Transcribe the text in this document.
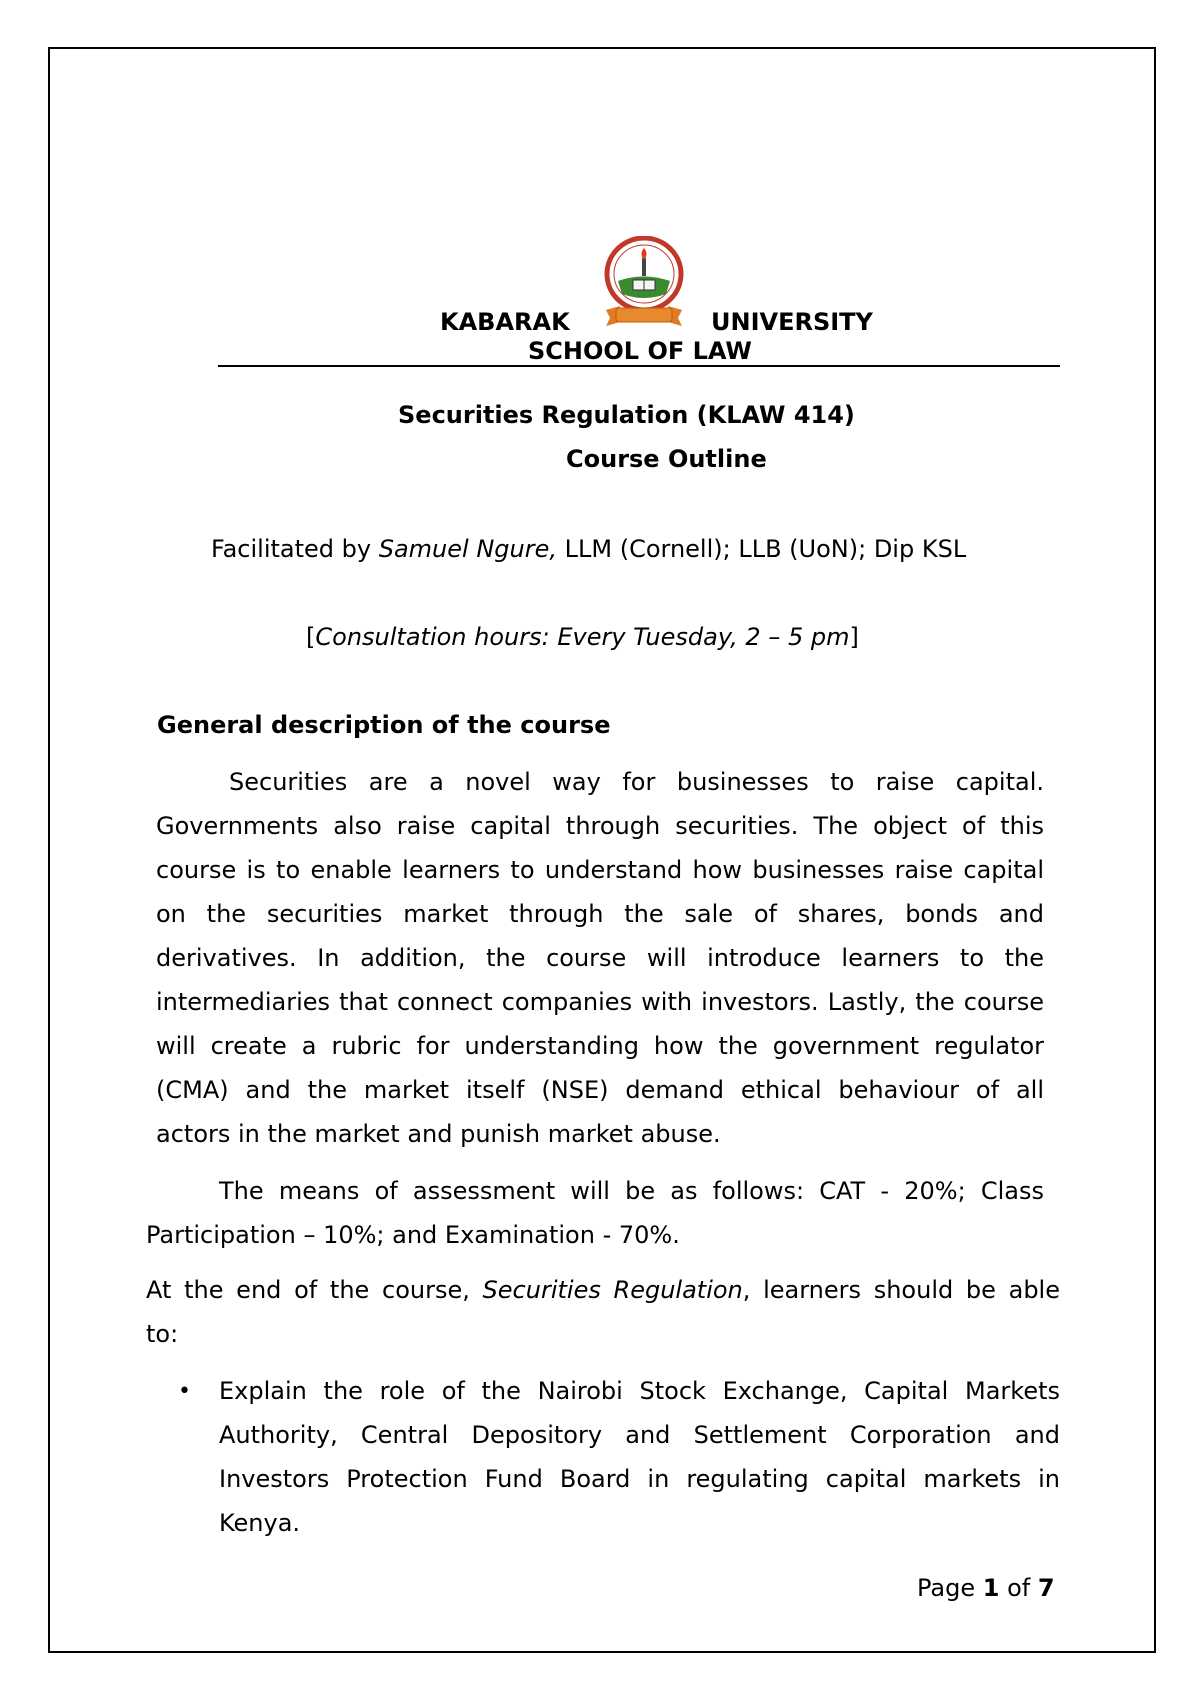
KABARAK	UNIVERSITY
SCHOOL OF LAW
Securities Regulation (KLAW 414)
Course Outline
Facilitated by Samuel Ngure, LLM (Cornell); LLB (UoN); Dip KSL
[Consultation hours: Every Tuesday, 2 – 5 pm]
General description of the course
Securities are a novel way for businesses to raise capital.
Governments also raise capital through securities. The object of this
course is to enable learners to understand how businesses raise capital
on the securities market through the sale of shares, bonds and
derivatives. In addition, the course will introduce learners to the
intermediaries that connect companies with investors. Lastly, the course
will create a rubric for understanding how the government regulator
(CMA) and the market itself (NSE) demand ethical behaviour of all
actors in the market and punish market abuse.
The means of assessment will be as follows: CAT - 20%; Class
Participation – 10%; and Examination - 70%.
At the end of the course, Securities Regulation, learners should be able
to:
• Explain the role of the Nairobi Stock Exchange, Capital Markets
Authority, Central Depository and Settlement Corporation and
Investors Protection Fund Board in regulating capital markets in
Kenya.
Page 1 of 7
